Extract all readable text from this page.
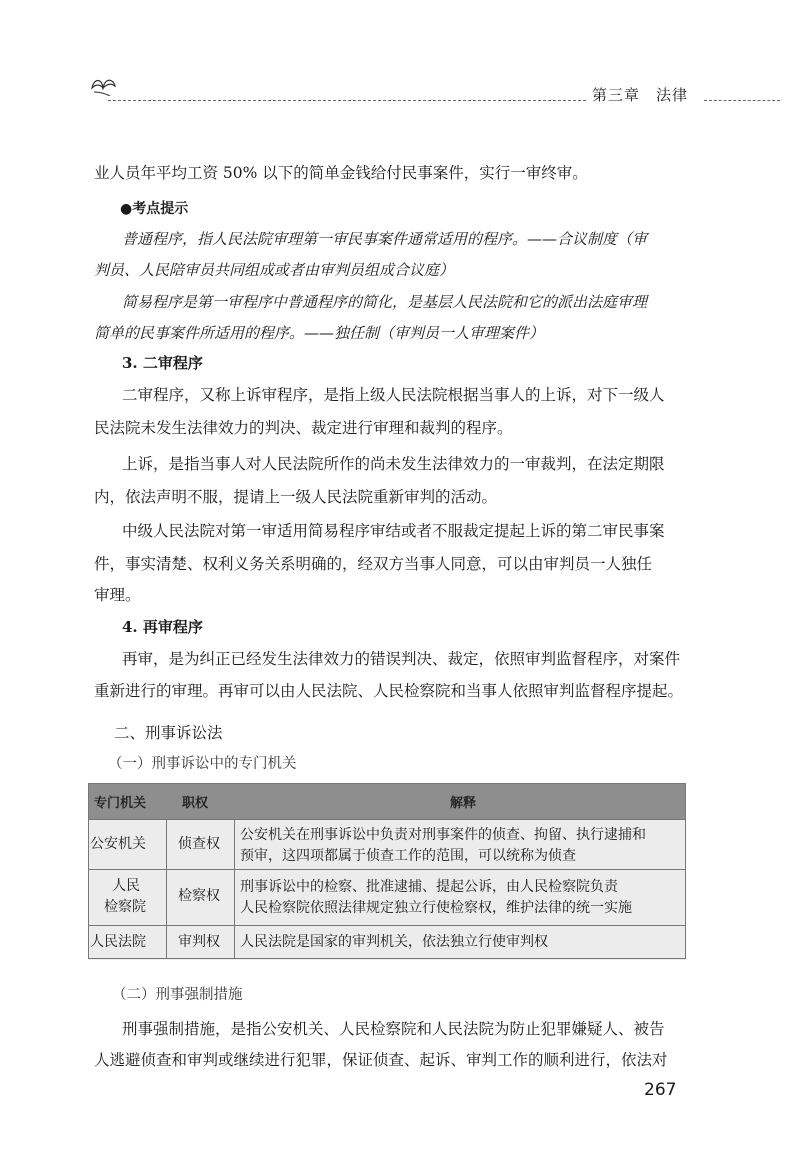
第三章　法律
业人员年平均工资 50% 以下的简单金钱给付民事案件，实行一审终审。
●考点提示
普通程序，指人民法院审理第一审民事案件通常适用的程序。——合议制度（审
判员、人民陪审员共同组成或者由审判员组成合议庭）
简易程序是第一审程序中普通程序的简化，是基层人民法院和它的派出法庭审理
简单的民事案件所适用的程序。——独任制（审判员一人审理案件）
3. 二审程序
二审程序，又称上诉审程序，是指上级人民法院根据当事人的上诉，对下一级人
民法院未发生法律效力的判决、裁定进行审理和裁判的程序。
上诉，是指当事人对人民法院所作的尚未发生法律效力的一审裁判，在法定期限
内，依法声明不服，提请上一级人民法院重新审判的活动。
中级人民法院对第一审适用简易程序审结或者不服裁定提起上诉的第二审民事案
件，事实清楚、权利义务关系明确的，经双方当事人同意，可以由审判员一人独任
审理。
4. 再审程序
再审，是为纠正已经发生法律效力的错误判决、裁定，依照审判监督程序，对案件
重新进行的审理。再审可以由人民法院、人民检察院和当事人依照审判监督程序提起。
二、刑事诉讼法
（一）刑事诉讼中的专门机关
专门机关	职权	解释
公安机关 侦查权
公安机关在刑事诉讼中负责对刑事案件的侦查、拘留、执行逮捕和
预审，这四项都属于侦查工作的范围，可以统称为侦查
人民
检察院
检察权
刑事诉讼中的检察、批准逮捕、提起公诉，由人民检察院负责
人民检察院依照法律规定独立行使检察权，维护法律的统一实施
人民法院 审判权 人民法院是国家的审判机关，依法独立行使审判权
（二）刑事强制措施
刑事强制措施，是指公安机关、人民检察院和人民法院为防止犯罪嫌疑人、被告
人逃避侦查和审判或继续进行犯罪，保证侦查、起诉、审判工作的顺利进行，依法对
267
